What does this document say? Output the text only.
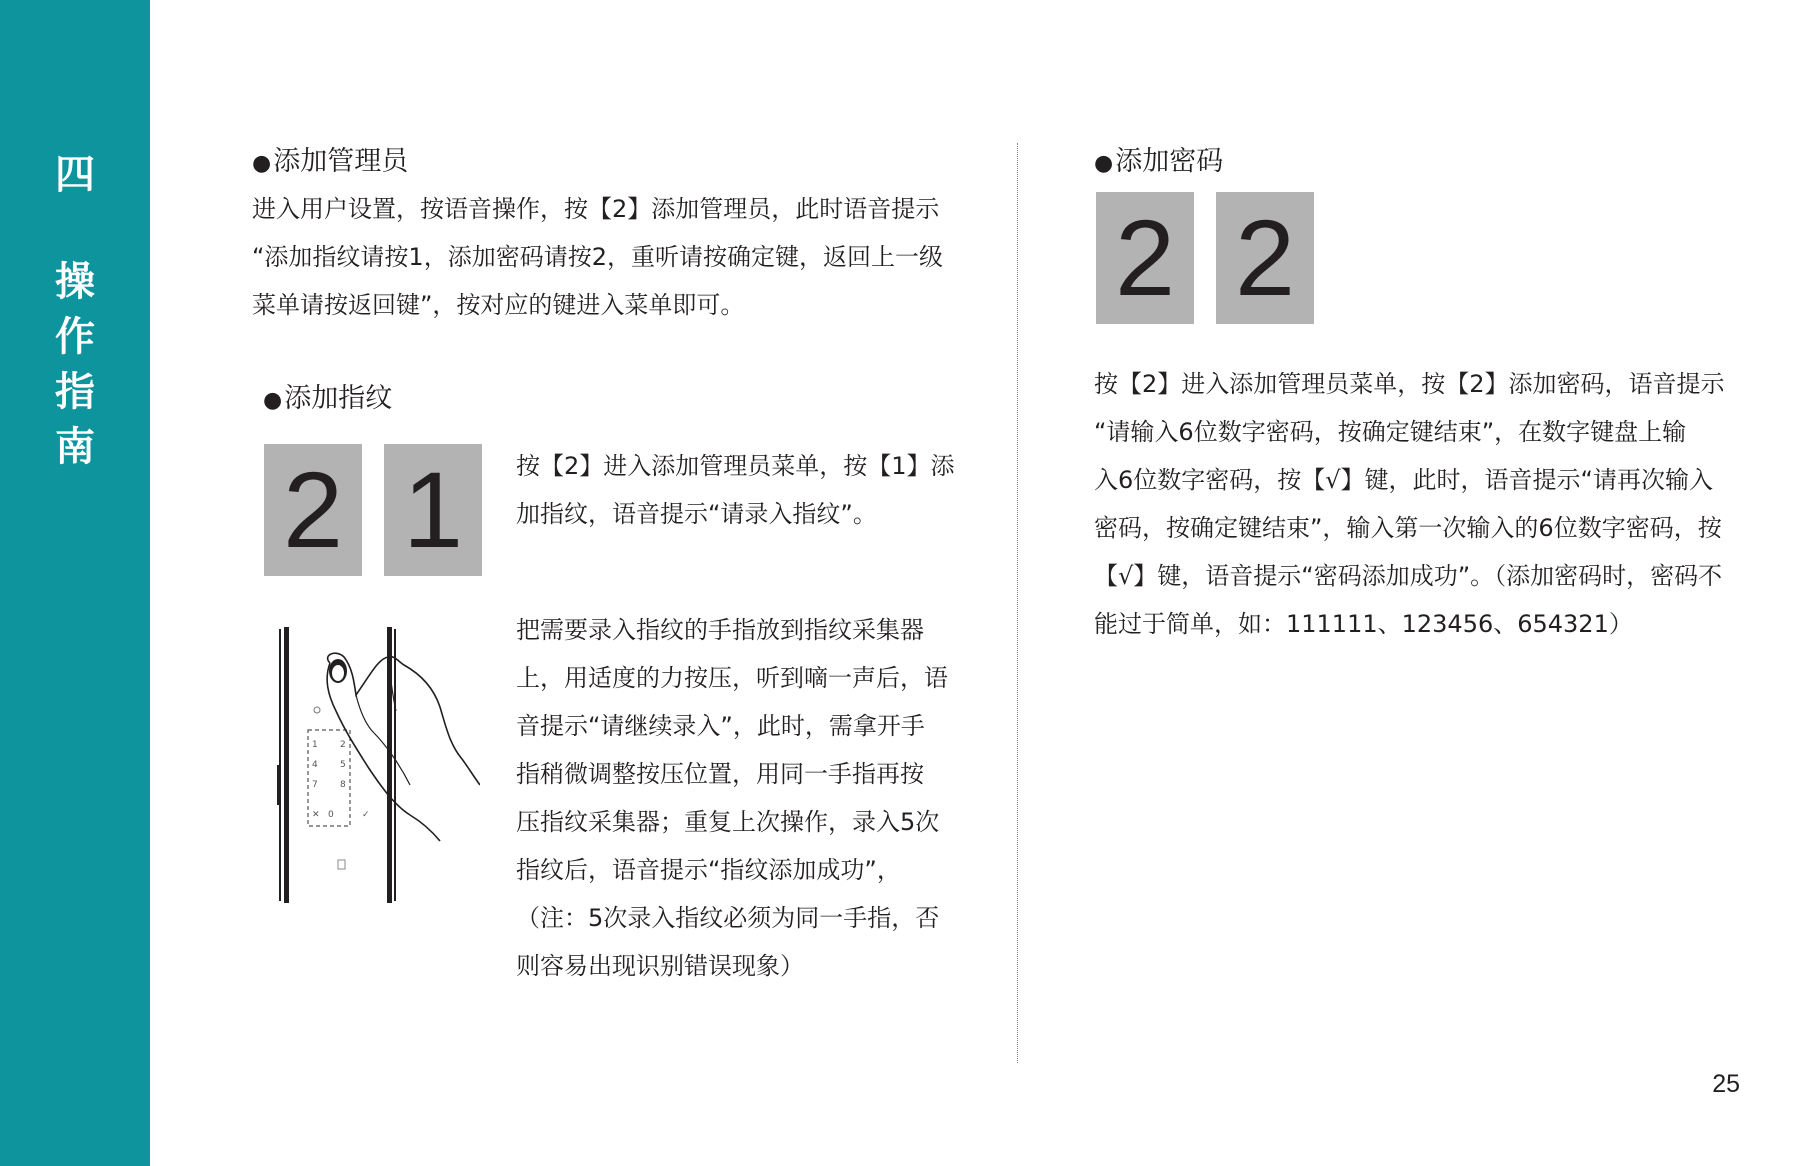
四
操
作
指
南
●添加管理员
进入用户设置，按语音操作，按【2】添加管理员，此时语音提示
“添加指纹请按1，添加密码请按2，重听请按确定键，返回上一级
菜单请按返回键”，按对应的键进入菜单即可。
●添加指纹
2 1	按【2】进入添加管理员菜单，按【1】添
加指纹，语音提示“请录入指纹”。
1 2
4 5
7 8
✕ 0	✓
把需要录入指纹的手指放到指纹采集器
上，用适度的力按压，听到嘀一声后，语
音提示“请继续录入”，此时，需拿开手
指稍微调整按压位置，用同一手指再按
压指纹采集器；重复上次操作，录入5次
指纹后，语音提示“指纹添加成功”，
（注：5次录入指纹必须为同一手指，否
则容易出现识别错误现象）
●添加密码
2 2
按【2】进入添加管理员菜单，按【2】添加密码，语音提示
“请输入6位数字密码，按确定键结束”，在数字键盘上输
入6位数字密码，按【√】键，此时，语音提示“请再次输入
密码，按确定键结束”，输入第一次输入的6位数字密码，按
【√】键，语音提示“密码添加成功”。（添加密码时，密码不
能过于简单，如：111111、123456、654321）
25
